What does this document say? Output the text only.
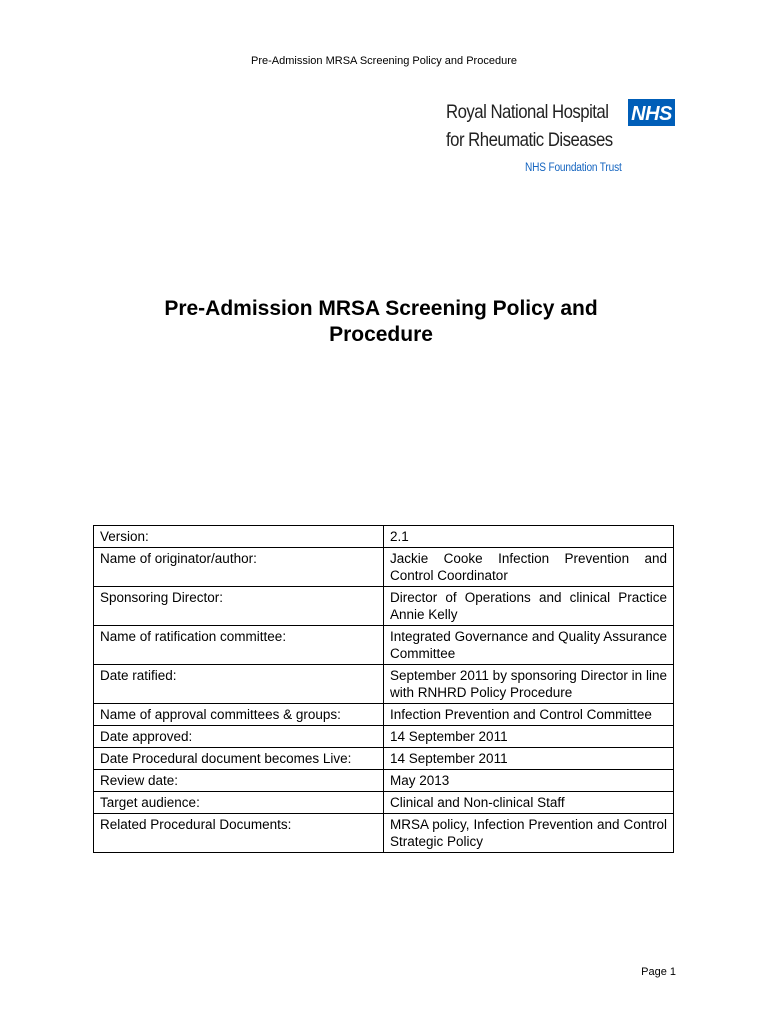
Pre-Admission MRSA Screening Policy and Procedure
Royal National Hospital
for Rheumatic Diseases
NHS
NHS Foundation Trust
Pre-Admission MRSA Screening Policy and Procedure
Version:	2.1
Name of originator/author:	Jackie Cooke Infection Prevention and Control Coordinator
Sponsoring Director:	Director of Operations and clinical Practice Annie Kelly
Name of ratification committee:	Integrated Governance and Quality Assurance Committee
Date ratified:	September 2011 by sponsoring Director in line with RNHRD Policy Procedure
Name of approval committees & groups:	Infection Prevention and Control Committee
Date approved:	14 September 2011
Date Procedural document becomes Live:	14 September 2011
Review date:	May 2013
Target audience:	Clinical and Non-clinical Staff
Related Procedural Documents:	MRSA policy, Infection Prevention and Control Strategic Policy
Page 1
